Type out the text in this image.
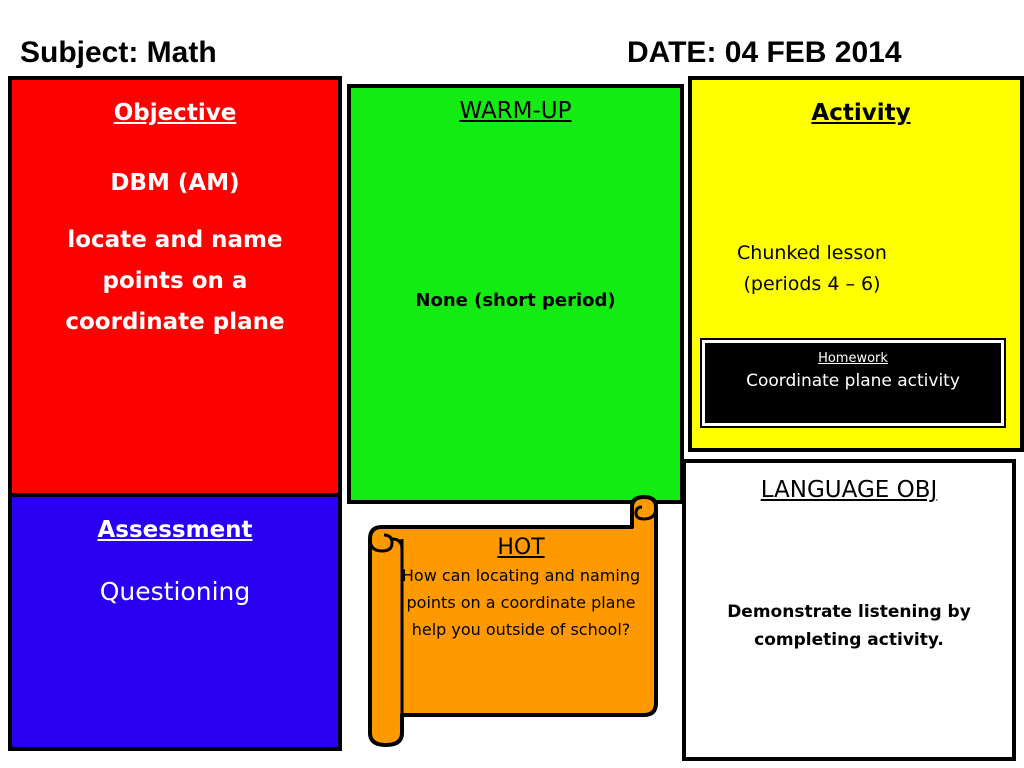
Subject: Math	DATE: 04 FEB 2014
Objective
DBM (AM)
locate and name points on a coordinate plane
Assessment
Questioning
WARM-UP
None (short period)
Activity
Chunked lesson
(periods 4 – 6)
Homework
Coordinate plane activity
LANGUAGE OBJ
Demonstrate listening by completing activity.
HOT
How can locating and naming points on a coordinate plane help you outside of school?
